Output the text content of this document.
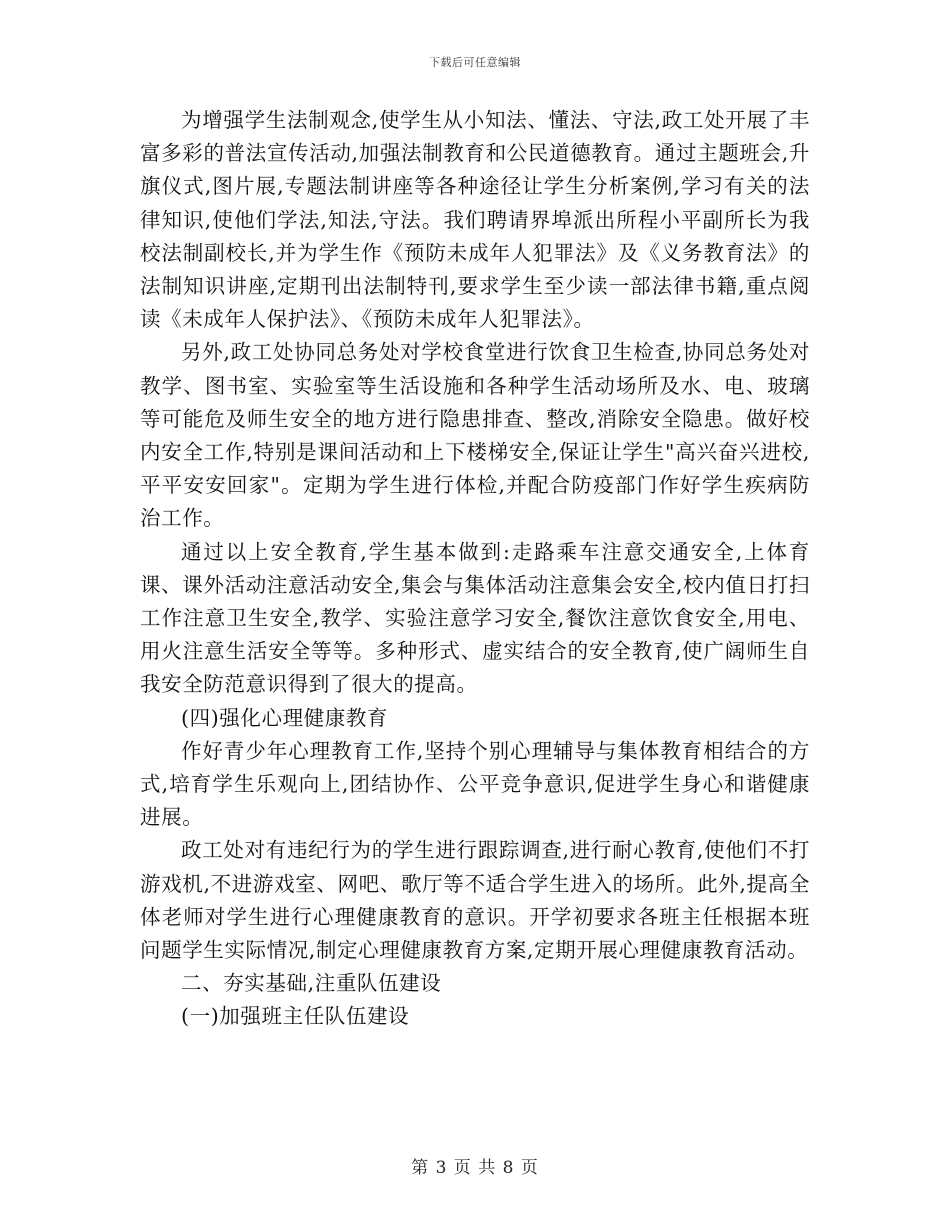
下载后可任意编辑

为增强学生法制观念,使学生从小知法、懂法、守法,政工处开展了丰富多彩的普法宣传活动,加强法制教育和公民道德教育。通过主题班会,升旗仪式,图片展,专题法制讲座等各种途径让学生分析案例,学习有关的法律知识,使他们学法,知法,守法。我们聘请界埠派出所程小平副所长为我校法制副校长,并为学生作《预防未成年人犯罪法》及《义务教育法》的法制知识讲座,定期刊出法制特刊,要求学生至少读一部法律书籍,重点阅读《未成年人保护法》、《预防未成年人犯罪法》。

另外,政工处协同总务处对学校食堂进行饮食卫生检查,协同总务处对教学、图书室、实验室等生活设施和各种学生活动场所及水、电、玻璃等可能危及师生安全的地方进行隐患排查、整改,消除安全隐患。做好校内安全工作,特别是课间活动和上下楼梯安全,保证让学生"高兴奋兴进校,平平安安回家"。定期为学生进行体检,并配合防疫部门作好学生疾病防治工作。

通过以上安全教育,学生基本做到:走路乘车注意交通安全,上体育课、课外活动注意活动安全,集会与集体活动注意集会安全,校内值日打扫工作注意卫生安全,教学、实验注意学习安全,餐饮注意饮食安全,用电、用火注意生活安全等等。多种形式、虚实结合的安全教育,使广阔师生自我安全防范意识得到了很大的提高。

(四)强化心理健康教育

作好青少年心理教育工作,坚持个别心理辅导与集体教育相结合的方式,培育学生乐观向上,团结协作、公平竞争意识,促进学生身心和谐健康进展。

政工处对有违纪行为的学生进行跟踪调查,进行耐心教育,使他们不打游戏机,不进游戏室、网吧、歌厅等不适合学生进入的场所。此外,提高全体老师对学生进行心理健康教育的意识。开学初要求各班主任根据本班问题学生实际情况,制定心理健康教育方案,定期开展心理健康教育活动。

二、夯实基础,注重队伍建设

(一)加强班主任队伍建设

第 3 页 共 8 页
